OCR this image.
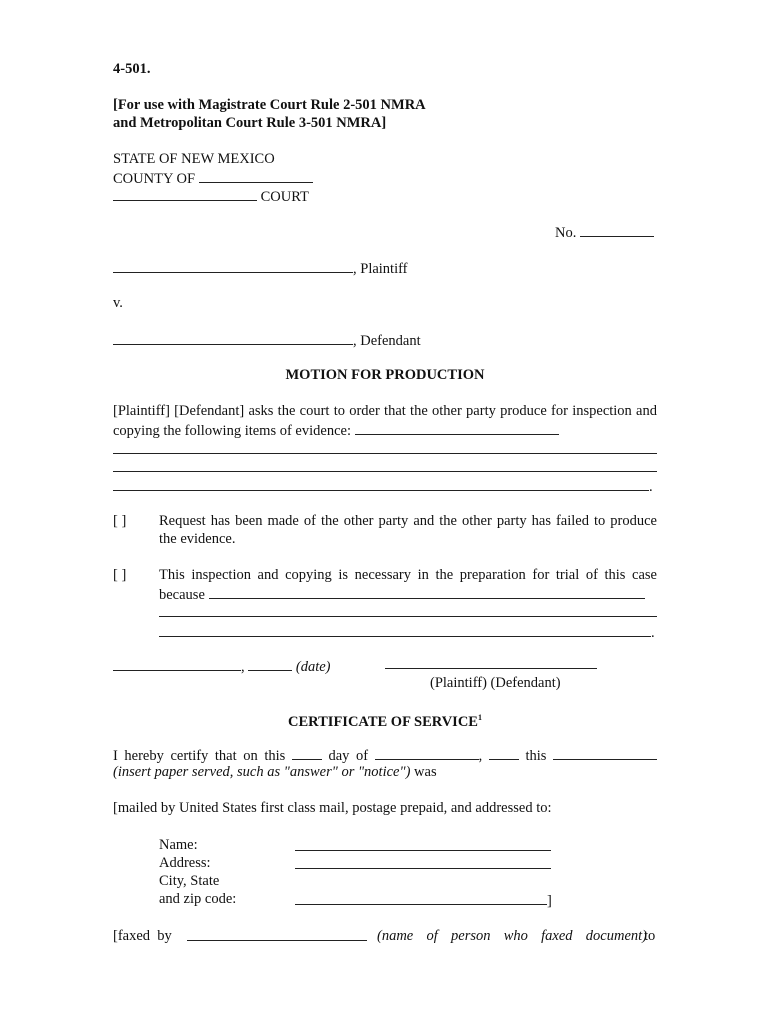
4-501.
[For use with Magistrate Court Rule 2-501 NMRA
and Metropolitan Court Rule 3-501 NMRA]
STATE OF NEW MEXICO
COUNTY OF
COURT
No.
, Plaintiff
v.
, Defendant
MOTION FOR PRODUCTION
[Plaintiff] [Defendant] asks the court to order that the other party produce for inspection and
copying the following items of evidence:
.
[ ] Request has been made of the other party and the other party has failed to produce
the evidence.
[ ] This inspection and copying is necessary in the preparation for trial of this case
because
.
,	(date)
(Plaintiff) (Defendant)
CERTIFICATE OF SERVICE$^1$
I hereby certify that on this	day of	,	this
(insert paper served, such as "answer" or "notice") was
[mailed by United States first class mail, postage prepaid, and addressed to:
Name:
Address:
City, State
and zip code:	]
[faxed  by	(name  of  person  who  faxed  document)
to
